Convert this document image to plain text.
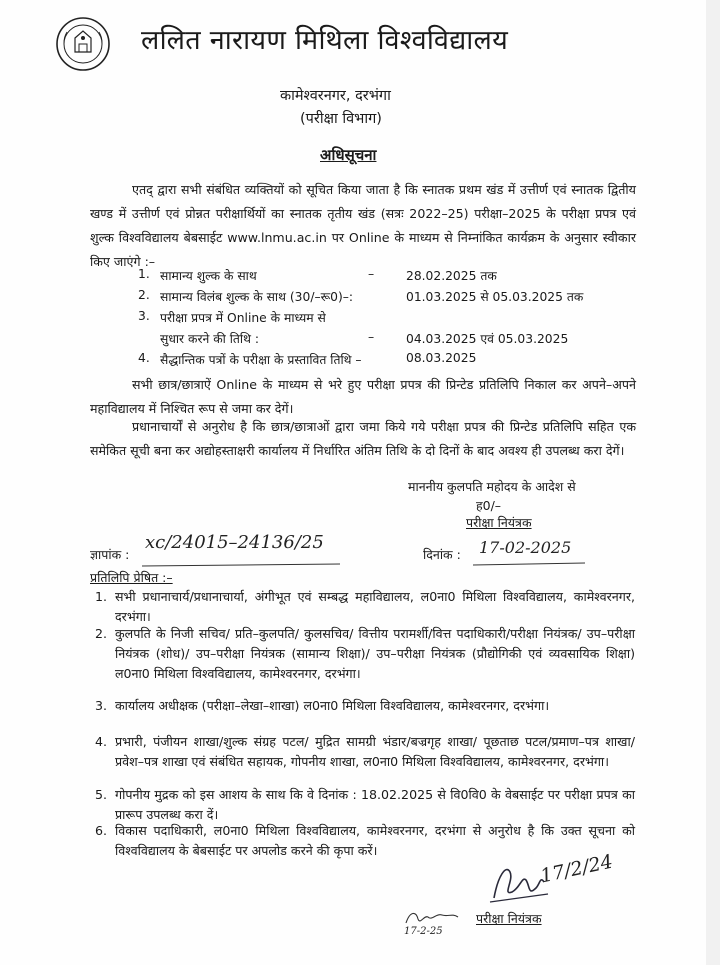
ललित नारायण मिथिला विश्वविद्यालय
कामेश्वरनगर, दरभंगा
(परीक्षा विभाग)
अधिसूचना
एतद् द्वारा सभी संबंधित व्यक्तियों को सूचित किया जाता है कि स्नातक प्रथम खंड में उत्तीर्ण एवं स्नातक द्वितीय खण्ड में उत्तीर्ण एवं प्रोन्नत परीक्षार्थियों का स्नातक तृतीय खंड (सत्रः 2022–25) परीक्षा–2025 के परीक्षा प्रपत्र एवं शुल्क विश्वविद्यालय बेबसाईट www.lnmu.ac.in पर Online के माध्यम से निम्नांकित कार्यक्रम के अनुसार स्वीकार किए जाएंगे :–
1. सामान्य शुल्क के साथ	–	28.02.2025 तक
2. सामान्य विलंब शुल्क के साथ (30/–रू0)–:	01.03.2025 से 05.03.2025 तक
3. परीक्षा प्रपत्र में Online के माध्यम से
सुधार करने की तिथि :	–	04.03.2025 एवं 05.03.2025
4. सैद्धान्तिक पत्रों के परीक्षा के प्रस्तावित तिथि –	08.03.2025
सभी छात्र/छात्राऐं Online के माध्यम से भरे हुए परीक्षा प्रपत्र की प्रिन्टेड प्रतिलिपि निकाल कर अपने–अपने महाविद्यालय में निश्चित रूप से जमा कर देगें।
प्रधानाचार्यों से अनुरोध है कि छात्र/छात्राओं द्वारा जमा किये गये परीक्षा प्रपत्र की प्रिन्टेड प्रतिलिपि सहित एक समेकित सूची बना कर अद्योहस्ताक्षरी कार्यालय में निर्धारित अंतिम तिथि के दो दिनों के बाद अवश्य ही उपलब्ध करा देगें।
माननीय कुलपति महोदय के आदेश से
ह0/–
परीक्षा नियंत्रक
ज्ञापांक :
xc/24015–24136/25
दिनांक : 17-02-2025
प्रतिलिपि प्रेषित :–
1. सभी प्रधानाचार्य/प्रधानाचार्या, अंगीभूत एवं सम्बद्ध महाविद्यालय, ल0ना0 मिथिला विश्वविद्यालय, कामेश्वरनगर, दरभंगा।
2. कुलपति के निजी सचिव/ प्रति–कुलपति/ कुलसचिव/ वित्तीय परामर्शी/वित्त पदाधिकारी/परीक्षा नियंत्रक/ उप–परीक्षा नियंत्रक (शोध)/ उप–परीक्षा नियंत्रक (सामान्य शिक्षा)/ उप–परीक्षा नियंत्रक (प्रौद्योगिकी एवं व्यवसायिक शिक्षा) ल0ना0 मिथिला विश्वविद्यालय, कामेश्वरनगर, दरभंगा।
3. कार्यालय अधीक्षक (परीक्षा–लेखा–शाखा) ल0ना0 मिथिला विश्वविद्यालय, कामेश्वरनगर, दरभंगा।
4. प्रभारी, पंजीयन शाखा/शुल्क संग्रह पटल/ मुद्रित सामग्री भंडार/बज्रगृह शाखा/ पूछताछ पटल/प्रमाण–पत्र शाखा/प्रवेश–पत्र शाखा एवं संबंधित सहायक, गोपनीय शाखा, ल0ना0 मिथिला विश्वविद्यालय, कामेश्वरनगर, दरभंगा।
5. गोपनीय मुद्रक को इस आशय के साथ कि वे दिनांक : 18.02.2025 से वि0वि0 के वेबसाईट पर परीक्षा प्रपत्र का प्रारूप उपलब्ध करा दें।
6. विकास पदाधिकारी, ल0ना0 मिथिला विश्वविद्यालय, कामेश्वरनगर, दरभंगा से अनुरोध है कि उक्त सूचना को विश्वविद्यालय के बेबसाईट पर अपलोड करने की कृपा करें।
17/2/24
17-2-25
परीक्षा नियंत्रक
